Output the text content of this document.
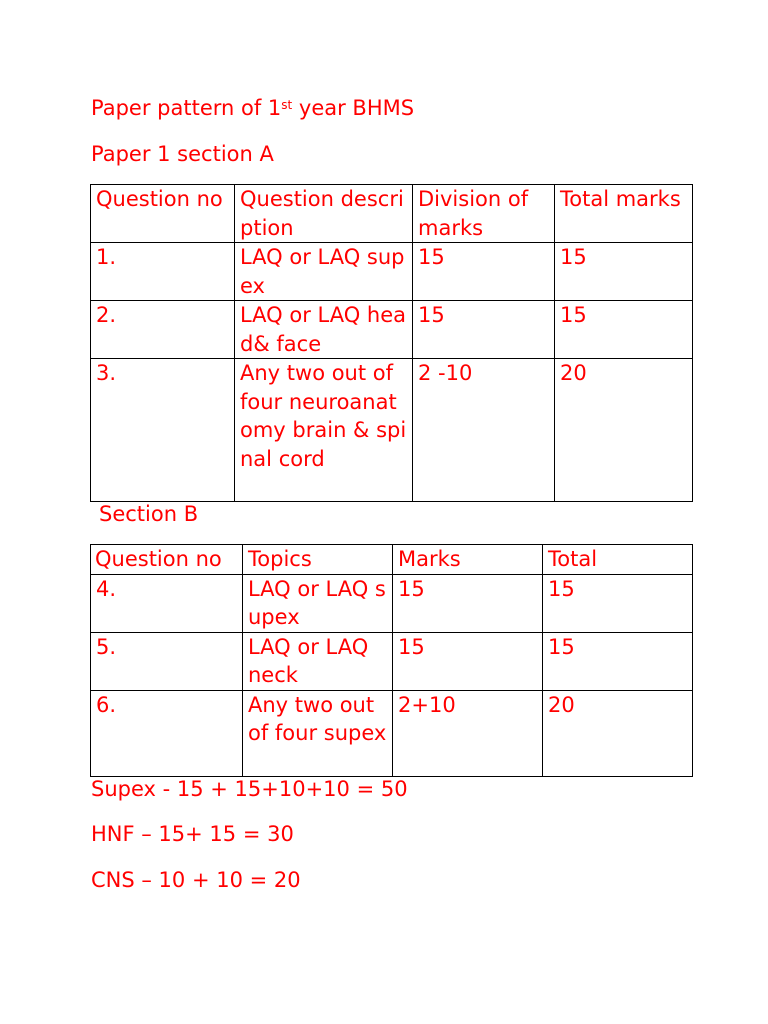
Paper pattern of 1st year BHMS
Paper 1 section A
Question no	Question description	Division of marks	Total marks
1.	LAQ or LAQ supex	15	15
2.	LAQ or LAQ head& face	15	15
3.	Any two out of four neuroanatomy brain & spinal cord	2 -10	20
Section B
Question no	Topics	Marks	Total
4.	LAQ or LAQ supex	15	15
5.	LAQ or LAQ neck	15	15
6.	Any two out of four supex	2+10	20
Supex - 15 + 15+10+10 = 50
HNF – 15+ 15 = 30
CNS – 10 + 10 = 20
